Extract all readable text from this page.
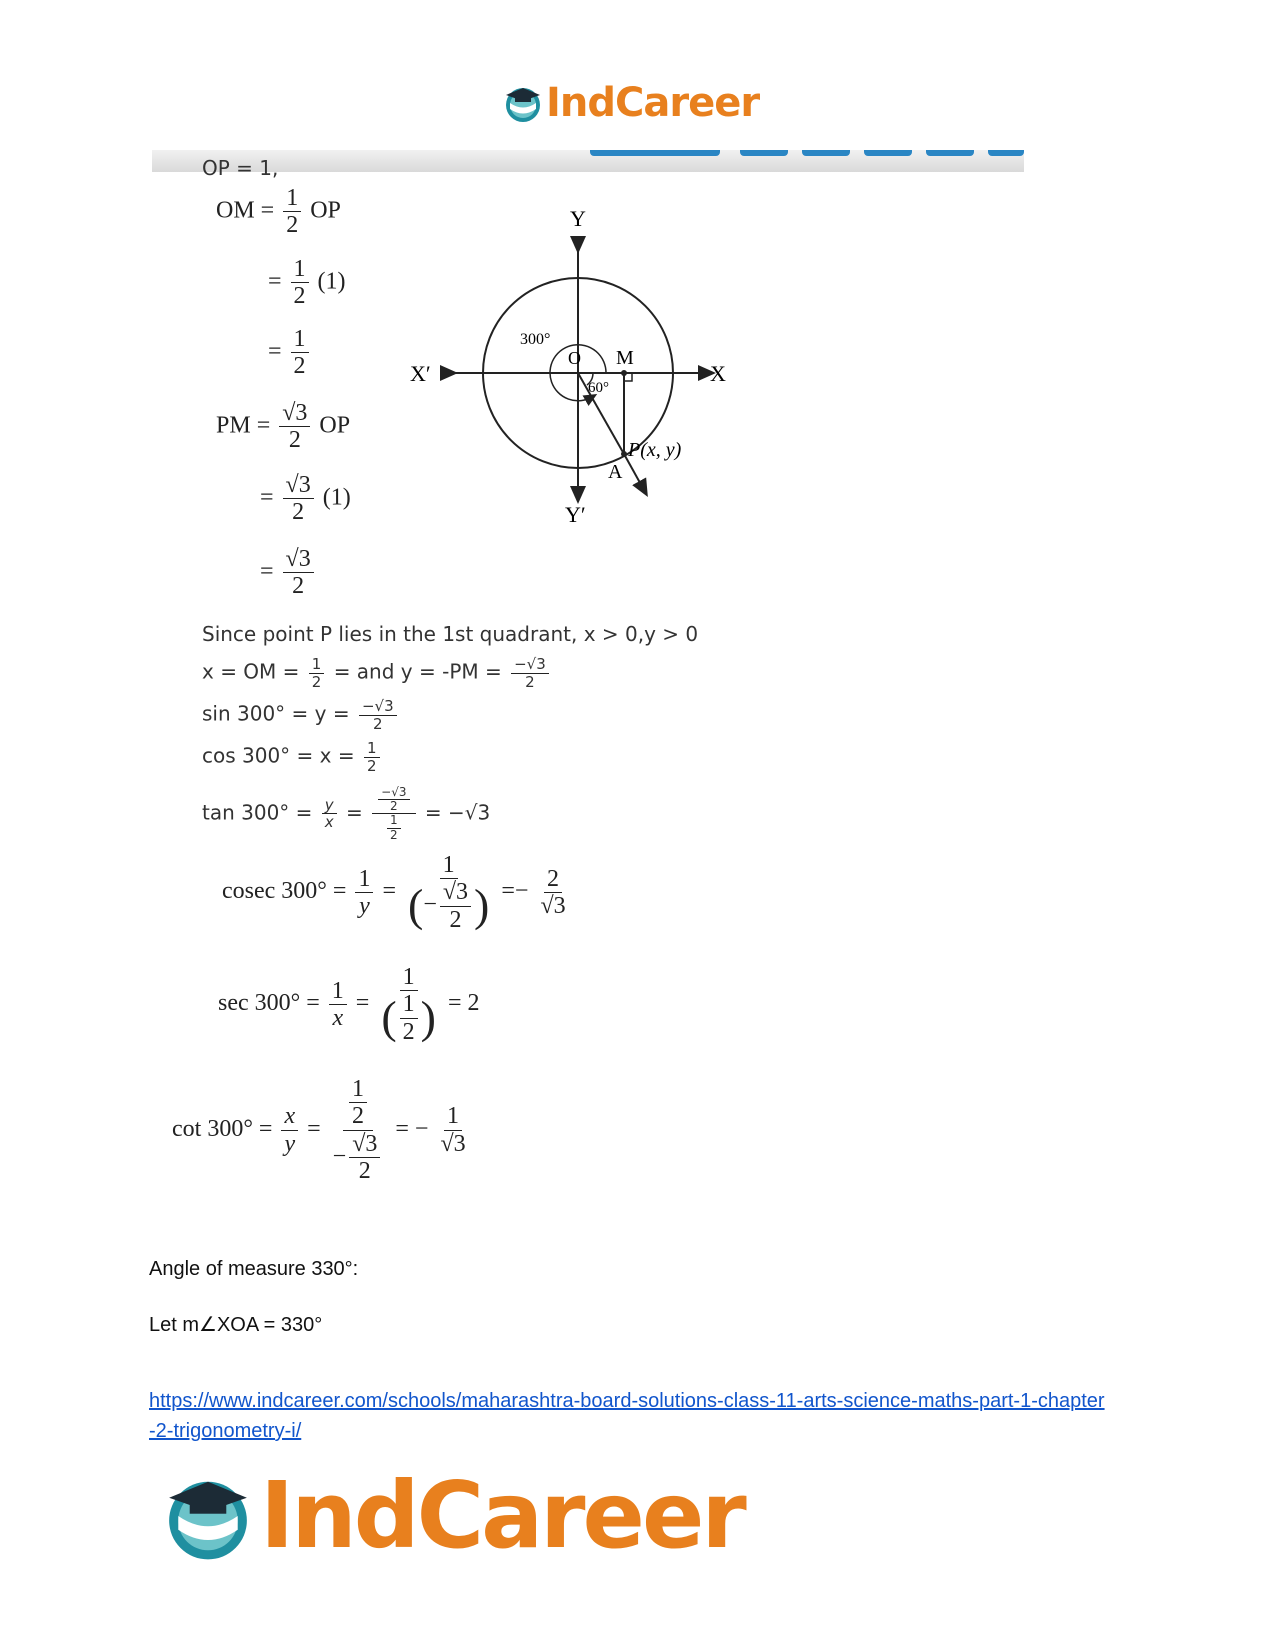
IndCareer
OP = 1,
OM = $\frac{1}{2}$ OP
= $\frac{1}{2} (1)$
= $\frac{1}{2}$
PM = $\frac{√3}{2}$ OP
= $\frac{√3}{2} (1)$
= $\frac{√3}{2}$
Y
Y′
X
X′
O M
P(x, y)
A
300°
60°
Since point P lies in the 1st quadrant, x > 0,y > 0
x = OM = $\frac{1}{2}$ = and $y = -PM = \frac{-√3}{2}$
$\sin 300^\circ = y = \frac{-√3}{2}$
$\cos 300^\circ = x = \frac{1}{2}$
$\tan 300^\circ = \frac{y}{x} = \frac{\frac{-√3}{2}}{\frac{1}{2}} = -√3$
cosec $300^\circ = \frac{1}{y} = \frac{1}{(- \frac{√3}{2} )} =- \frac{2}{√3}$
$\sec 300^\circ = \frac{1}{x} = \frac{1}{( \frac{1}{2} )} = 2$
$\cot 300^\circ = \frac{x}{y} = \frac{\frac{1}{2}}{- \frac{√3}{2}}$ = − $\frac{1}{√3}$
Angle of measure 330°:
Let m∠XOA = 330°
https://www.indcareer.com/schools/maharashtra-board-solutions-class-11-arts-science-maths-part-1-chapter-2-trigonometry-i/
IndCareer
